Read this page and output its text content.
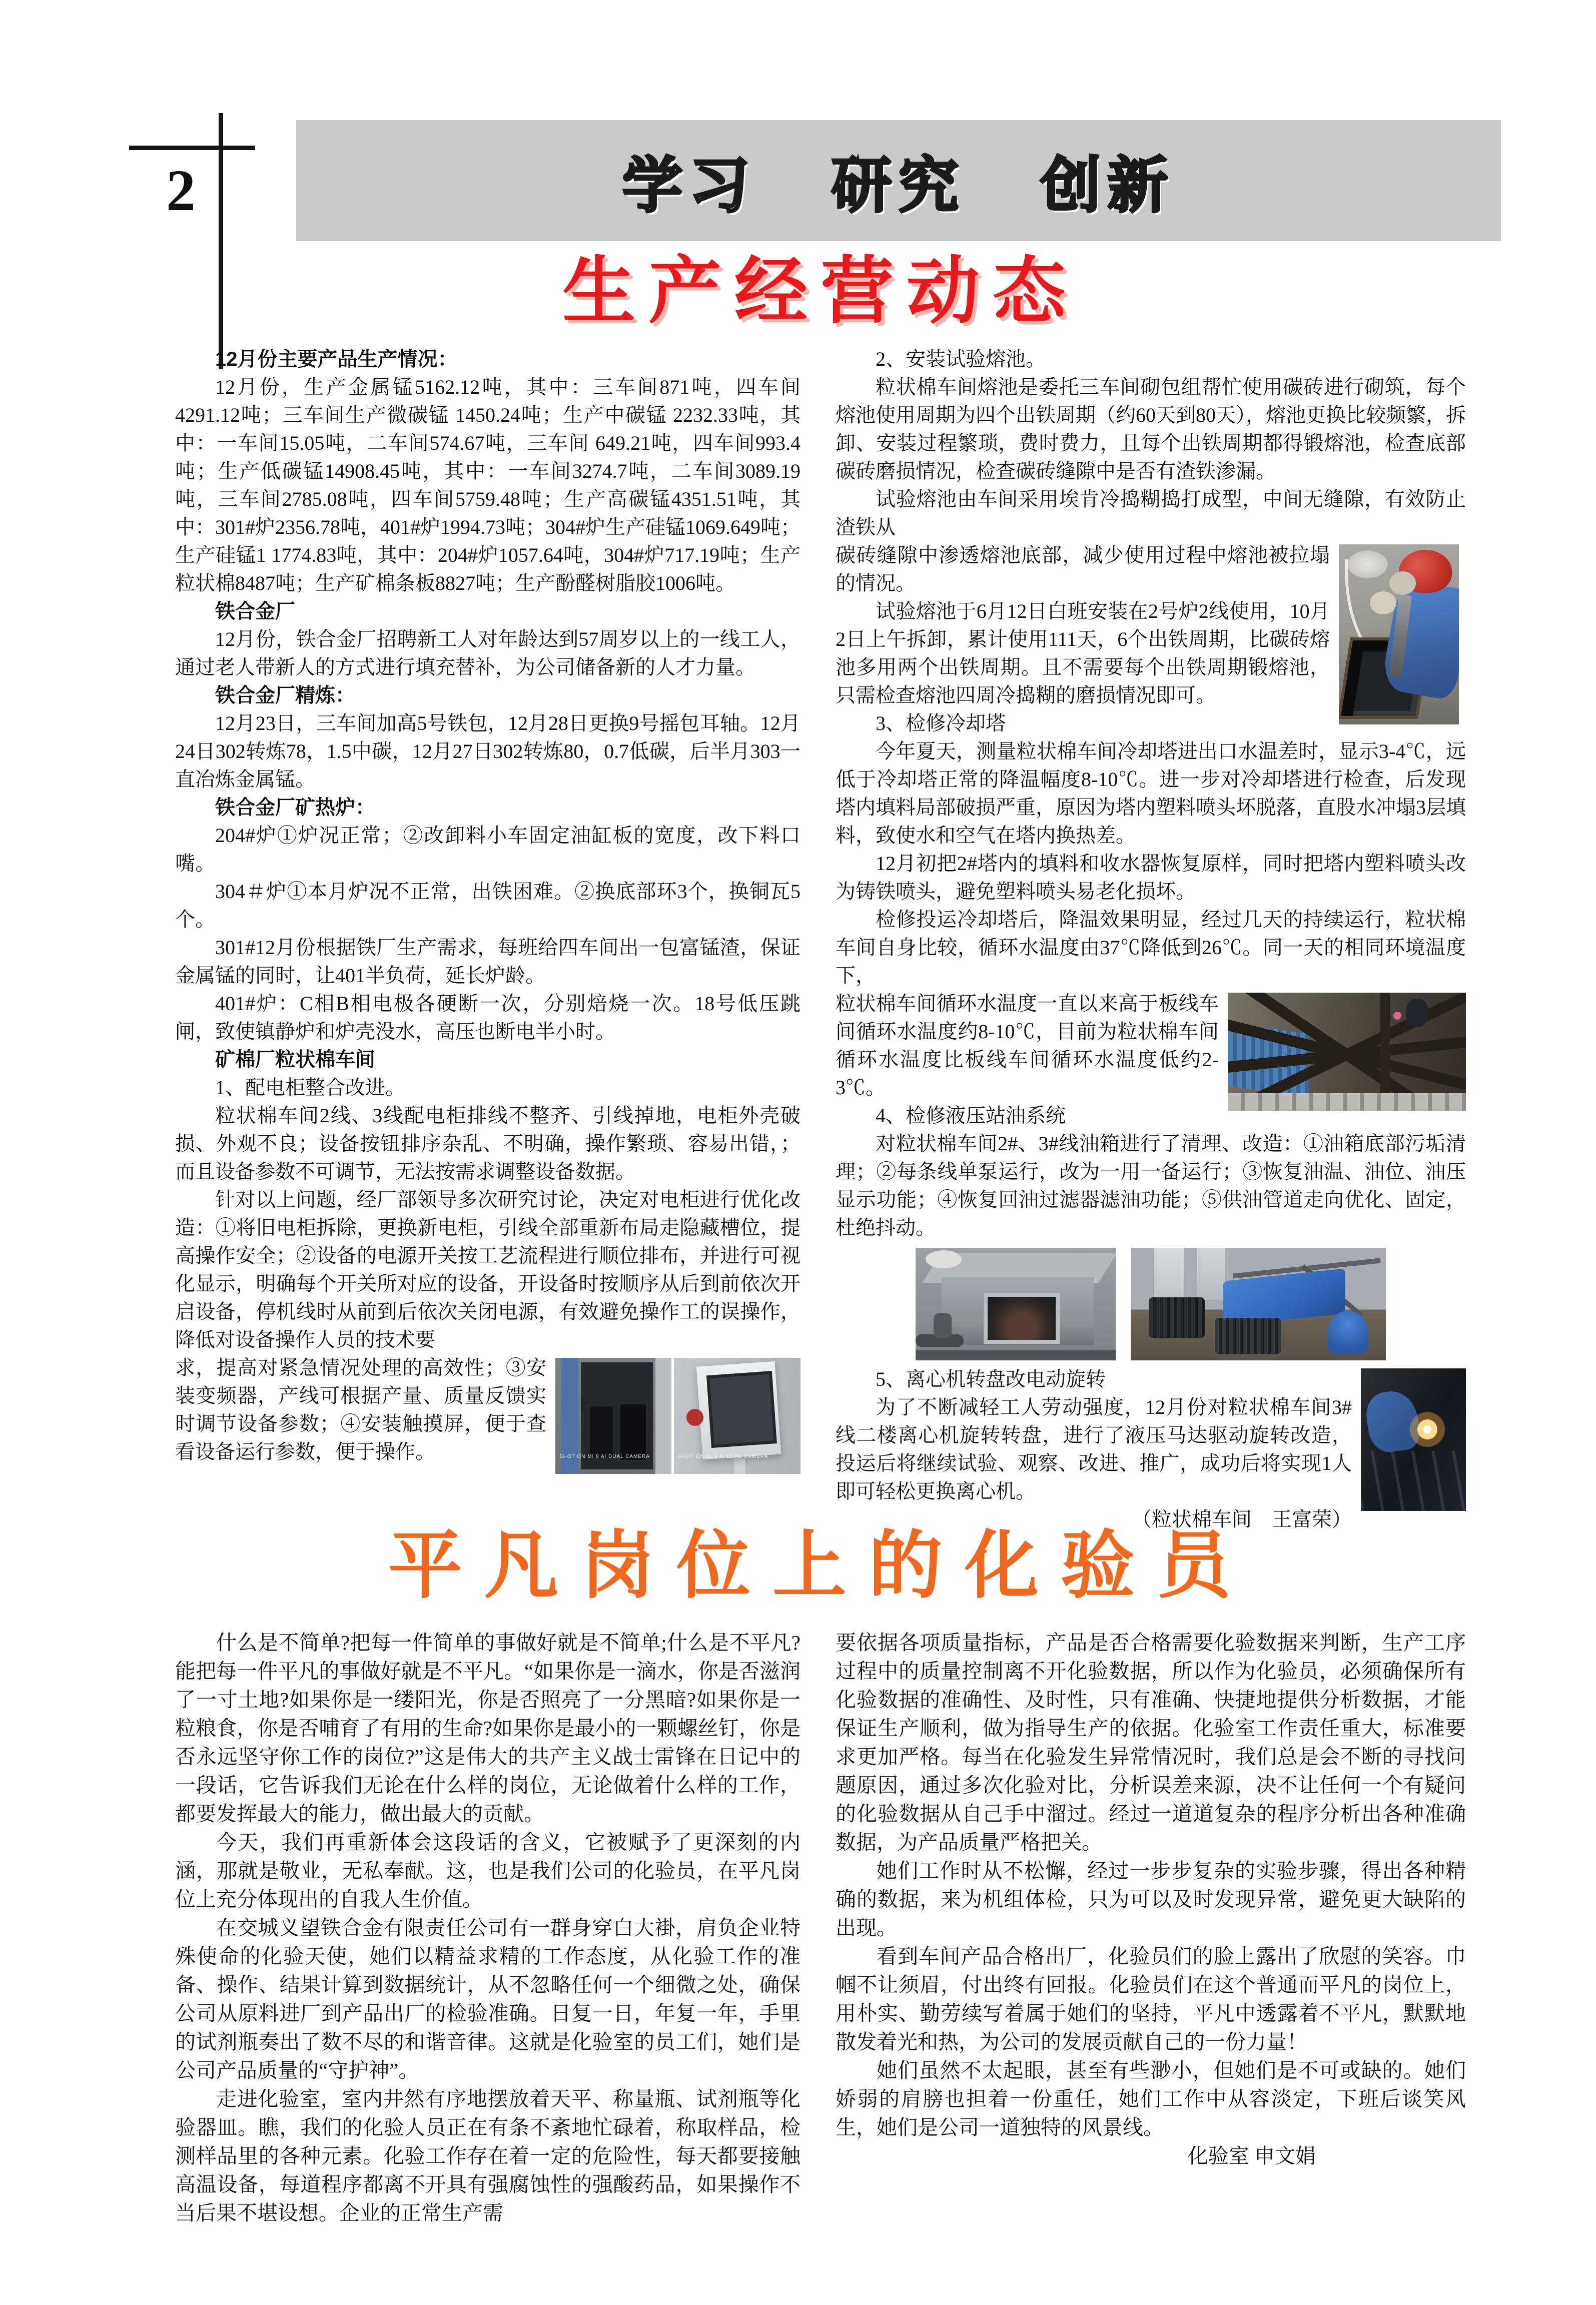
2	学习 研究 创新
生产经营动态
12月份主要产品生产情况：
12月份，生产金属锰5162.12吨，其中：三车间871吨，四车间4291.12吨；三车间生产微碳锰 1450.24吨；生产中碳锰 2232.33吨，其中：一车间15.05吨，二车间574.67吨，三车间 649.21吨，四车间993.4吨；生产低碳锰14908.45吨，其中：一车间3274.7吨，二车间3089.19吨，三车间2785.08吨，四车间5759.48吨；生产高碳锰4351.51吨，其中：301#炉2356.78吨，401#炉1994.73吨；304#炉生产硅锰1069.649吨； 生产硅锰1 1774.83吨，其中：204#炉1057.64吨，304#炉717.19吨；生产粒状棉8487吨；生产矿棉条板8827吨；生产酚醛树脂胶1006吨。
铁合金厂
12月份，铁合金厂招聘新工人对年龄达到57周岁以上的一线工人，通过老人带新人的方式进行填充替补，为公司储备新的人才力量。
铁合金厂精炼：
12月23日，三车间加高5号铁包，12月28日更换9号摇包耳轴。12月24日302转炼78，1.5中碳，12月27日302转炼80，0.7低碳，后半月303一直冶炼金属锰。
铁合金厂矿热炉：
204#炉①炉况正常；②改卸料小车固定油缸板的宽度，改下料口嘴。
304＃炉①本月炉况不正常，出铁困难。②换底部环3个，换铜瓦5个。
301#12月份根据铁厂生产需求，每班给四车间出一包富锰渣，保证金属锰的同时，让401半负荷，延长炉龄。
401#炉：C相B相电极各硬断一次，分别焙烧一次。18号低压跳闸，致使镇静炉和炉壳没水，高压也断电半小时。
矿棉厂粒状棉车间
1、配电柜整合改进。
粒状棉车间2线、3线配电柜排线不整齐、引线掉地，电柜外壳破损、外观不良；设备按钮排序杂乱、不明确，操作繁琐、容易出错，；而且设备参数不可调节，无法按需求调整设备数据。
针对以上问题，经厂部领导多次研究讨论，决定对电柜进行优化改造：①将旧电柜拆除，更换新电柜，引线全部重新布局走隐藏槽位，提高操作安全；②设备的电源开关按工艺流程进行顺位排布，并进行可视化显示，明确每个开关所对应的设备，开设备时按顺序从后到前依次开启设备，停机线时从前到后依次关闭电源，有效避免操作工的误操作，降低对设备操作人员的技术要
SHOT ON MI 8 AI DUAL CAMERA	SHOT ON MI 8 AI DUAL CAMERA
求，提高对紧急情况处理的高效性；③安装变频器，产线可根据产量、质量反馈实时调节设备参数；④安装触摸屏，便于查看设备运行参数，便于操作。
2、安装试验熔池。
粒状棉车间熔池是委托三车间砌包组帮忙使用碳砖进行砌筑，每个熔池使用周期为四个出铁周期（约60天到80天），熔池更换比较频繁，拆卸、安装过程繁琐，费时费力，且每个出铁周期都得锻熔池，检查底部碳砖磨损情况，检查碳砖缝隙中是否有渣铁渗漏。
试验熔池由车间采用埃肯冷捣糊捣打成型，中间无缝隙，有效防止渣铁从
碳砖缝隙中渗透熔池底部，减少使用过程中熔池被拉塌的情况。
试验熔池于6月12日白班安装在2号炉2线使用，10月2日上午拆卸，累计使用111天，6个出铁周期，比碳砖熔池多用两个出铁周期。且不需要每个出铁周期锻熔池，只需检查熔池四周冷捣糊的磨损情况即可。
3、检修冷却塔
今年夏天，测量粒状棉车间冷却塔进出口水温差时，显示3-4℃，远低于冷却塔正常的降温幅度8-10℃。进一步对冷却塔进行检查，后发现塔内填料局部破损严重，原因为塔内塑料喷头坏脱落，直股水冲塌3层填料，致使水和空气在塔内换热差。
12月初把2#塔内的填料和收水器恢复原样，同时把塔内塑料喷头改为铸铁喷头，避免塑料喷头易老化损坏。
检修投运冷却塔后，降温效果明显，经过几天的持续运行，粒状棉车间自身比较，循环水温度由37℃降低到26℃。同一天的相同环境温度下，
粒状棉车间循环水温度一直以来高于板线车间循环水温度约8-10℃，目前为粒状棉车间循环水温度比板线车间循环水温度低约2-3℃。
4、检修液压站油系统
对粒状棉车间2#、3#线油箱进行了清理、改造：①油箱底部污垢清理；②每条线单泵运行，改为一用一备运行；③恢复油温、油位、油压显示功能；④恢复回油过滤器滤油功能；⑤供油管道走向优化、固定，杜绝抖动。
5、离心机转盘改电动旋转
为了不断减轻工人劳动强度，12月份对粒状棉车间3#线二楼离心机旋转转盘，进行了液压马达驱动旋转改造，投运后将继续试验、观察、改进、推广，成功后将实现1人即可轻松更换离心机。
（粒状棉车间　王富荣）
平凡岗位上的化验员
什么是不简单?把每一件简单的事做好就是不简单;什么是不平凡?能把每一件平凡的事做好就是不平凡。“如果你是一滴水，你是否滋润了一寸土地?如果你是一缕阳光，你是否照亮了一分黑暗?如果你是一粒粮食，你是否哺育了有用的生命?如果你是最小的一颗螺丝钉，你是否永远坚守你工作的岗位?”这是伟大的共产主义战士雷锋在日记中的一段话，它告诉我们无论在什么样的岗位，无论做着什么样的工作，都要发挥最大的能力，做出最大的贡献。
今天，我们再重新体会这段话的含义，它被赋予了更深刻的内涵，那就是敬业，无私奉献。这，也是我们公司的化验员，在平凡岗位上充分体现出的自我人生价值。
在交城义望铁合金有限责任公司有一群身穿白大褂，肩负企业特殊使命的化验天使，她们以精益求精的工作态度，从化验工作的准备、操作、结果计算到数据统计，从不忽略任何一个细微之处，确保公司从原料进厂到产品出厂的检验准确。日复一日，年复一年，手里的试剂瓶奏出了数不尽的和谐音律。这就是化验室的员工们，她们是公司产品质量的“守护神”。
走进化验室，室内井然有序地摆放着天平、称量瓶、试剂瓶等化验器皿。瞧，我们的化验人员正在有条不紊地忙碌着，称取样品，检测样品里的各种元素。化验工作存在着一定的危险性，每天都要接触高温设备，每道程序都离不开具有强腐蚀性的强酸药品，如果操作不当后果不堪设想。企业的正常生产需
要依据各项质量指标，产品是否合格需要化验数据来判断，生产工序过程中的质量控制离不开化验数据，所以作为化验员，必须确保所有化验数据的准确性、及时性，只有准确、快捷地提供分析数据，才能保证生产顺利，做为指导生产的依据。化验室工作责任重大，标准要求更加严格。每当在化验发生异常情况时，我们总是会不断的寻找问题原因，通过多次化验对比，分析误差来源，决不让任何一个有疑问的化验数据从自己手中溜过。经过一道道复杂的程序分析出各种准确数据，为产品质量严格把关。
她们工作时从不松懈，经过一步步复杂的实验步骤，得出各种精确的数据，来为机组体检，只为可以及时发现异常，避免更大缺陷的出现。
看到车间产品合格出厂，化验员们的脸上露出了欣慰的笑容。巾帼不让须眉，付出终有回报。化验员们在这个普通而平凡的岗位上，用朴实、勤劳续写着属于她们的坚持，平凡中透露着不平凡，默默地散发着光和热，为公司的发展贡献自己的一份力量！
她们虽然不太起眼，甚至有些渺小，但她们是不可或缺的。她们娇弱的肩膀也担着一份重任，她们工作中从容淡定，下班后谈笑风生，她们是公司一道独特的风景线。
化验室 申文娟
